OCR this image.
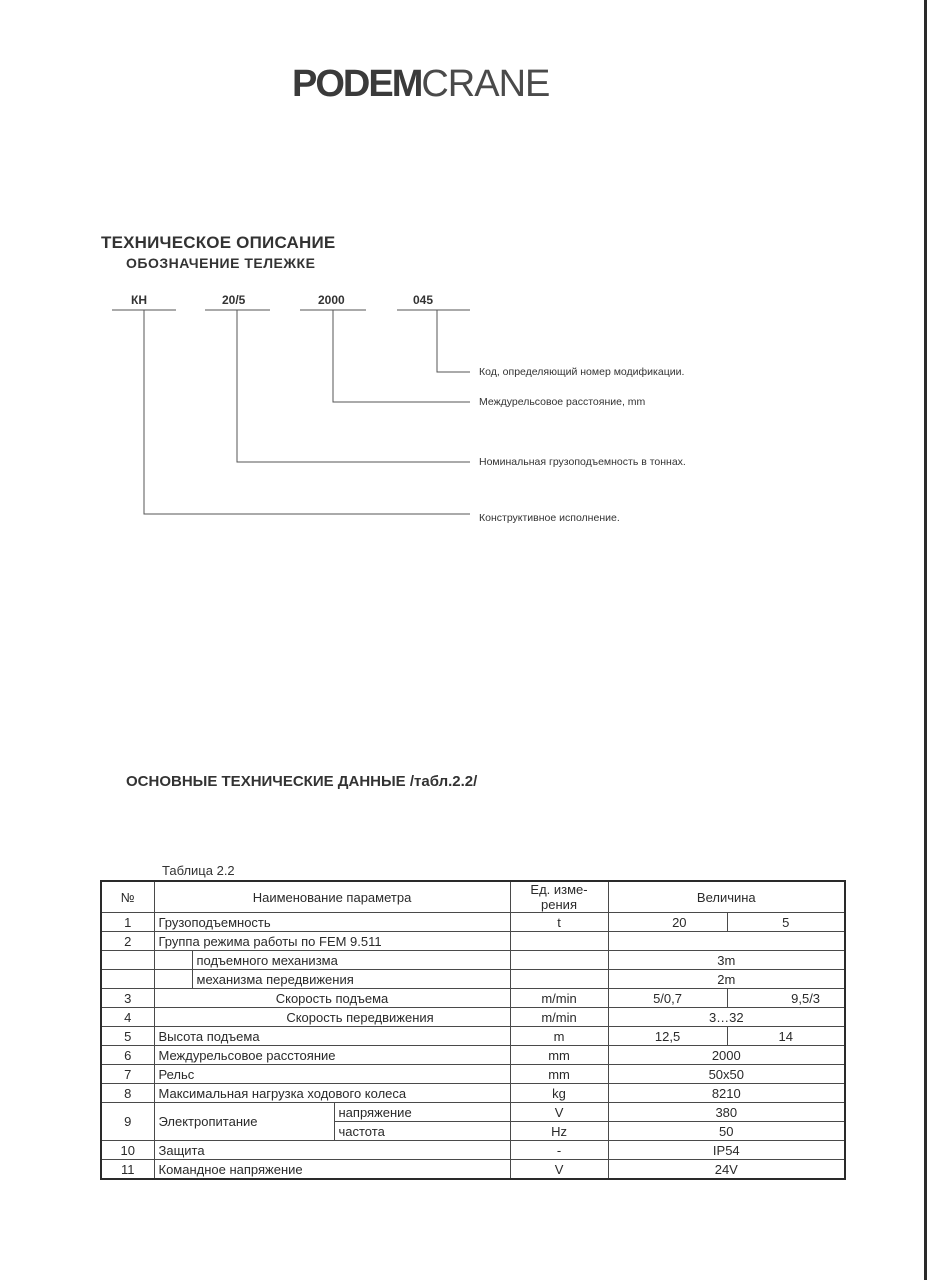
PODEMCRANE
ТЕХНИЧЕСКОЕ ОПИСАНИЕ
ОБОЗНАЧЕНИЕ ТЕЛЕЖКЕ
КН	20/5	2000	045
Код, определяющий номер модификации.
Междурельсовое расстояние, mm
Номинальная грузоподъемность в тоннах.
Конструктивное исполнение.
ОСНОВНЫЕ ТЕХНИЧЕСКИЕ ДАННЫЕ /табл.2.2/
Таблица 2.2
№	Наименование параметра			Ед. изме-рения	Величина	
1	Грузоподъемность			t	20	5
2	Группа режима работы по FEM 9.511					
		подъемного механизма			3m	
		механизма передвижения			2m	
3	Скорость подъема			m/min	5/0,7	9,5/3
4	Скорость передвижения			m/min	3…32	
5	Высота подъема			m	12,5	14
6	Междурельсовое расстояние			mm	2000	
7	Рельс			mm	50x50	
8	Максимальная нагрузка ходового колеса			kg	8210	
9	Электропитание		напряжение	V	380	
			частота	Hz	50	
10	Защита			-	IP54	
11	Командное напряжение			V	24V	
